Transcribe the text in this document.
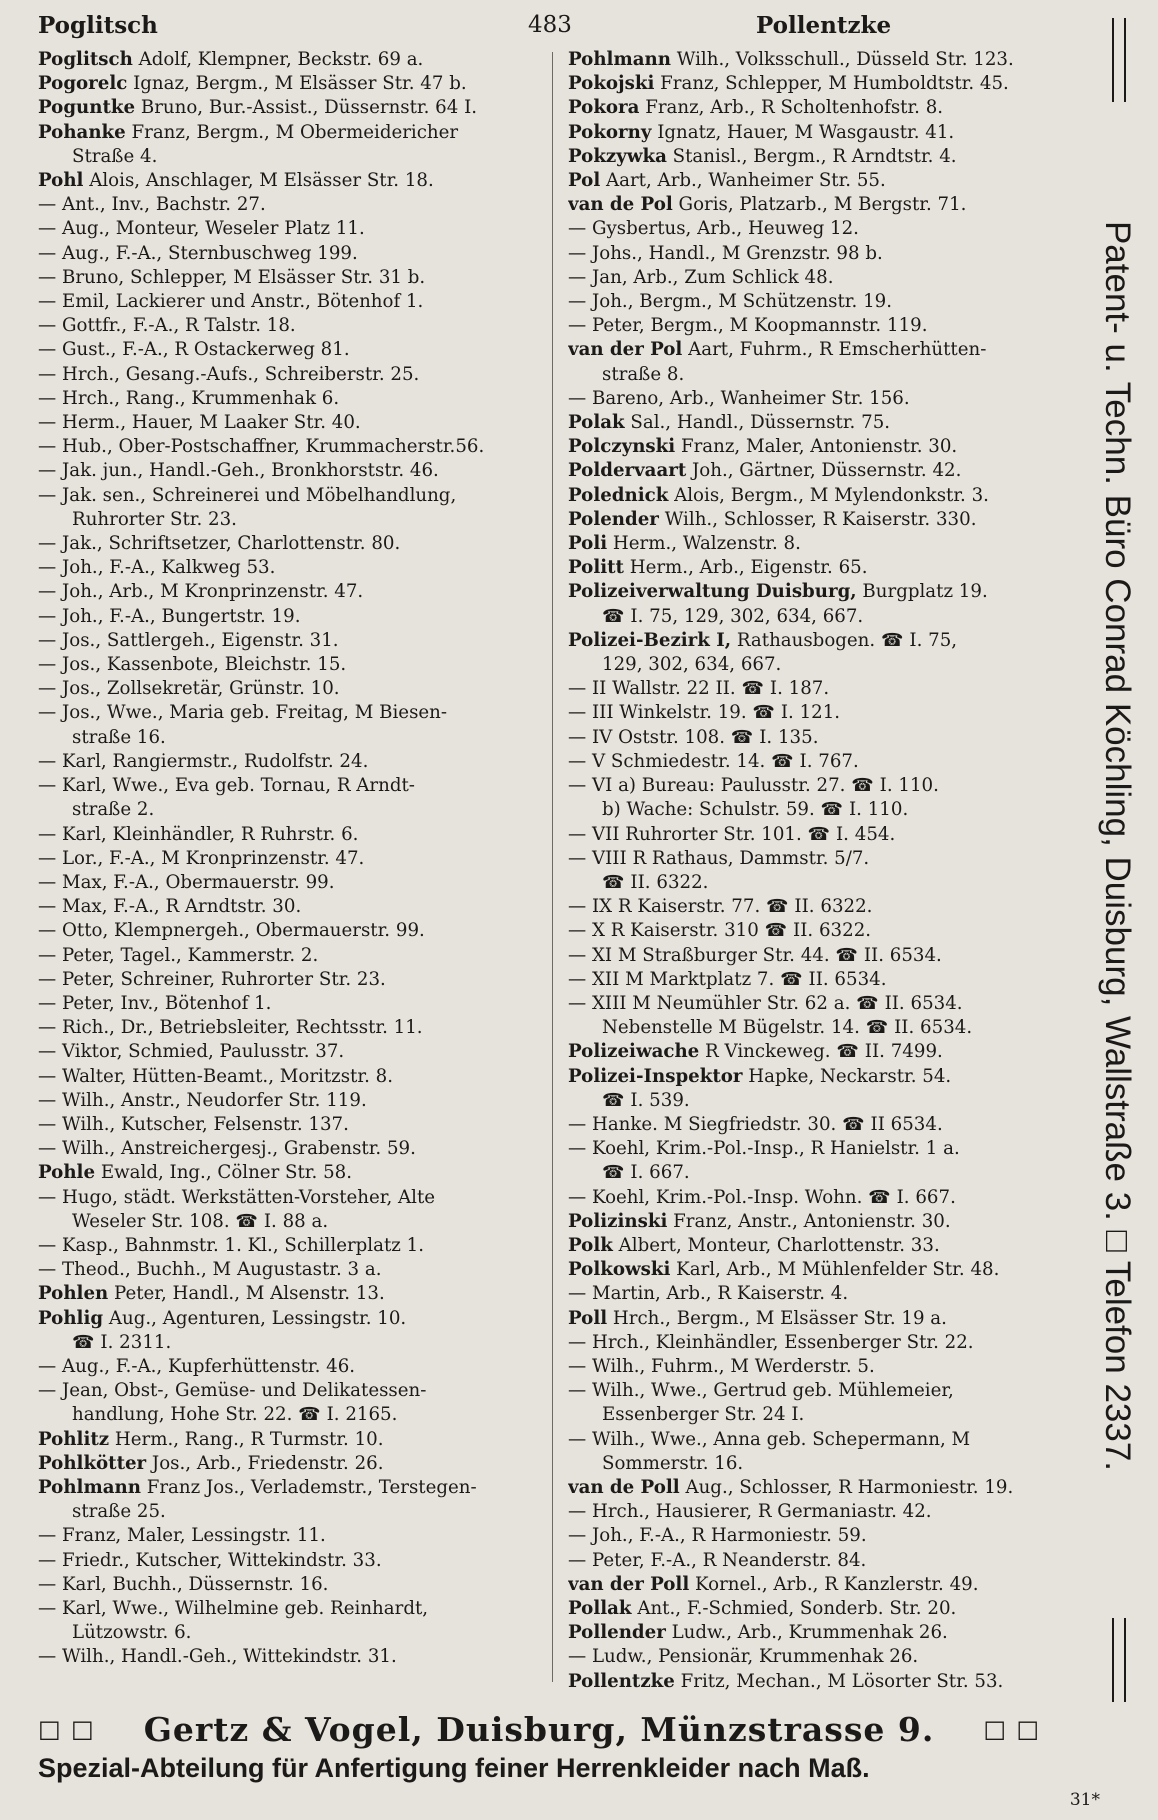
Poglitsch	483	Pollentzke
Poglitsch Adolf, Klempner, Beckstr. 69 a.
Pogorelc Ignaz, Bergm., M Elsässer Str. 47 b.
Poguntke Bruno, Bur.-Assist., Düssernstr. 64 I.
Pohanke Franz, Bergm., M Obermeidericher
Straße 4.
Pohl Alois, Anschlager, M Elsässer Str. 18.
— Ant., Inv., Bachstr. 27.
— Aug., Monteur, Weseler Platz 11.
— Aug., F.-A., Sternbuschweg 199.
— Bruno, Schlepper, M Elsässer Str. 31 b.
— Emil, Lackierer und Anstr., Bötenhof 1.
— Gottfr., F.-A., R Talstr. 18.
— Gust., F.-A., R Ostackerweg 81.
— Hrch., Gesang.-Aufs., Schreiberstr. 25.
— Hrch., Rang., Krummenhak 6.
— Herm., Hauer, M Laaker Str. 40.
— Hub., Ober-Postschaffner, Krummacherstr.56.
— Jak. jun., Handl.-Geh., Bronkhorststr. 46.
— Jak. sen., Schreinerei und Möbelhandlung,
Ruhrorter Str. 23.
— Jak., Schriftsetzer, Charlottenstr. 80.
— Joh., F.-A., Kalkweg 53.
— Joh., Arb., M Kronprinzenstr. 47.
— Joh., F.-A., Bungertstr. 19.
— Jos., Sattlergeh., Eigenstr. 31.
— Jos., Kassenbote, Bleichstr. 15.
— Jos., Zollsekretär, Grünstr. 10.
— Jos., Wwe., Maria geb. Freitag, M Biesen-
straße 16.
— Karl, Rangiermstr., Rudolfstr. 24.
— Karl, Wwe., Eva geb. Tornau, R Arndt-
straße 2.
— Karl, Kleinhändler, R Ruhrstr. 6.
— Lor., F.-A., M Kronprinzenstr. 47.
— Max, F.-A., Obermauerstr. 99.
— Max, F.-A., R Arndtstr. 30.
— Otto, Klempnergeh., Obermauerstr. 99.
— Peter, Tagel., Kammerstr. 2.
— Peter, Schreiner, Ruhrorter Str. 23.
— Peter, Inv., Bötenhof 1.
— Rich., Dr., Betriebsleiter, Rechtsstr. 11.
— Viktor, Schmied, Paulusstr. 37.
— Walter, Hütten-Beamt., Moritzstr. 8.
— Wilh., Anstr., Neudorfer Str. 119.
— Wilh., Kutscher, Felsenstr. 137.
— Wilh., Anstreichergesj., Grabenstr. 59.
Pohle Ewald, Ing., Cölner Str. 58.
— Hugo, städt. Werkstätten-Vorsteher, Alte
Weseler Str. 108. ☎ I. 88 a.
— Kasp., Bahnmstr. 1. Kl., Schillerplatz 1.
— Theod., Buchh., M Augustastr. 3 a.
Pohlen Peter, Handl., M Alsenstr. 13.
Pohlig Aug., Agenturen, Lessingstr. 10.
☎ I. 2311.
— Aug., F.-A., Kupferhüttenstr. 46.
— Jean, Obst-, Gemüse- und Delikatessen-
handlung, Hohe Str. 22. ☎ I. 2165.
Pohlitz Herm., Rang., R Turmstr. 10.
Pohlkötter Jos., Arb., Friedenstr. 26.
Pohlmann Franz Jos., Verlademstr., Terstegen-
straße 25.
— Franz, Maler, Lessingstr. 11.
— Friedr., Kutscher, Wittekindstr. 33.
— Karl, Buchh., Düssernstr. 16.
— Karl, Wwe., Wilhelmine geb. Reinhardt,
Lützowstr. 6.
— Wilh., Handl.-Geh., Wittekindstr. 31.
Pohlmann Wilh., Volksschull., Düsseld Str. 123.
Pokojski Franz, Schlepper, M Humboldtstr. 45.
Pokora Franz, Arb., R Scholtenhofstr. 8.
Pokorny Ignatz, Hauer, M Wasgaustr. 41.
Pokzywka Stanisl., Bergm., R Arndtstr. 4.
Pol Aart, Arb., Wanheimer Str. 55.
van de Pol Goris, Platzarb., M Bergstr. 71.
— Gysbertus, Arb., Heuweg 12.
— Johs., Handl., M Grenzstr. 98 b.
— Jan, Arb., Zum Schlick 48.
— Joh., Bergm., M Schützenstr. 19.
— Peter, Bergm., M Koopmannstr. 119.
van der Pol Aart, Fuhrm., R Emscherhütten-
straße 8.
— Bareno, Arb., Wanheimer Str. 156.
Polak Sal., Handl., Düssernstr. 75.
Polczynski Franz, Maler, Antonienstr. 30.
Poldervaart Joh., Gärtner, Düssernstr. 42.
Polednick Alois, Bergm., M Mylendonkstr. 3.
Polender Wilh., Schlosser, R Kaiserstr. 330.
Poli Herm., Walzenstr. 8.
Politt Herm., Arb., Eigenstr. 65.
Polizeiverwaltung Duisburg, Burgplatz 19.
☎ I. 75, 129, 302, 634, 667.
Polizei-Bezirk I, Rathausbogen. ☎ I. 75,
129, 302, 634, 667.
— II Wallstr. 22 II. ☎ I. 187.
— III Winkelstr. 19. ☎ I. 121.
— IV Oststr. 108. ☎ I. 135.
— V Schmiedestr. 14. ☎ I. 767.
— VI a) Bureau: Paulusstr. 27. ☎ I. 110.
b) Wache: Schulstr. 59. ☎ I. 110.
— VII Ruhrorter Str. 101. ☎ I. 454.
— VIII R Rathaus, Dammstr. 5/7.
☎ II. 6322.
— IX R Kaiserstr. 77. ☎ II. 6322.
— X R Kaiserstr. 310 ☎ II. 6322.
— XI M Straßburger Str. 44. ☎ II. 6534.
— XII M Marktplatz 7. ☎ II. 6534.
— XIII M Neumühler Str. 62 a. ☎ II. 6534.
Nebenstelle M Bügelstr. 14. ☎ II. 6534.
Polizeiwache R Vinckeweg. ☎ II. 7499.
Polizei-Inspektor Hapke, Neckarstr. 54.
☎ I. 539.
— Hanke. M Siegfriedstr. 30. ☎ II 6534.
— Koehl, Krim.-Pol.-Insp., R Hanielstr. 1 a.
☎ I. 667.
— Koehl, Krim.-Pol.-Insp. Wohn. ☎ I. 667.
Polizinski Franz, Anstr., Antonienstr. 30.
Polk Albert, Monteur, Charlottenstr. 33.
Polkowski Karl, Arb., M Mühlenfelder Str. 48.
— Martin, Arb., R Kaiserstr. 4.
Poll Hrch., Bergm., M Elsässer Str. 19 a.
— Hrch., Kleinhändler, Essenberger Str. 22.
— Wilh., Fuhrm., M Werderstr. 5.
— Wilh., Wwe., Gertrud geb. Mühlemeier,
Essenberger Str. 24 I.
— Wilh., Wwe., Anna geb. Schepermann, M
Sommerstr. 16.
van de Poll Aug., Schlosser, R Harmoniestr. 19.
— Hrch., Hausierer, R Germaniastr. 42.
— Joh., F.-A., R Harmoniestr. 59.
— Peter, F.-A., R Neanderstr. 84.
van der Poll Kornel., Arb., R Kanzlerstr. 49.
Pollak Ant., F.-Schmied, Sonderb. Str. 20.
Pollender Ludw., Arb., Krummenhak 26.
— Ludw., Pensionär, Krummenhak 26.
Pollentzke Fritz, Mechan., M Lösorter Str. 53.
Patent- u. Techn. Büro Conrad Köchling, Duisburg, Wallstraße 3. □ Telefon 2337.
□ □ Gertz & Vogel, Duisburg, Münzstrasse 9. □ □
Spezial-Abteilung für Anfertigung feiner Herrenkleider nach Maß.
31*
